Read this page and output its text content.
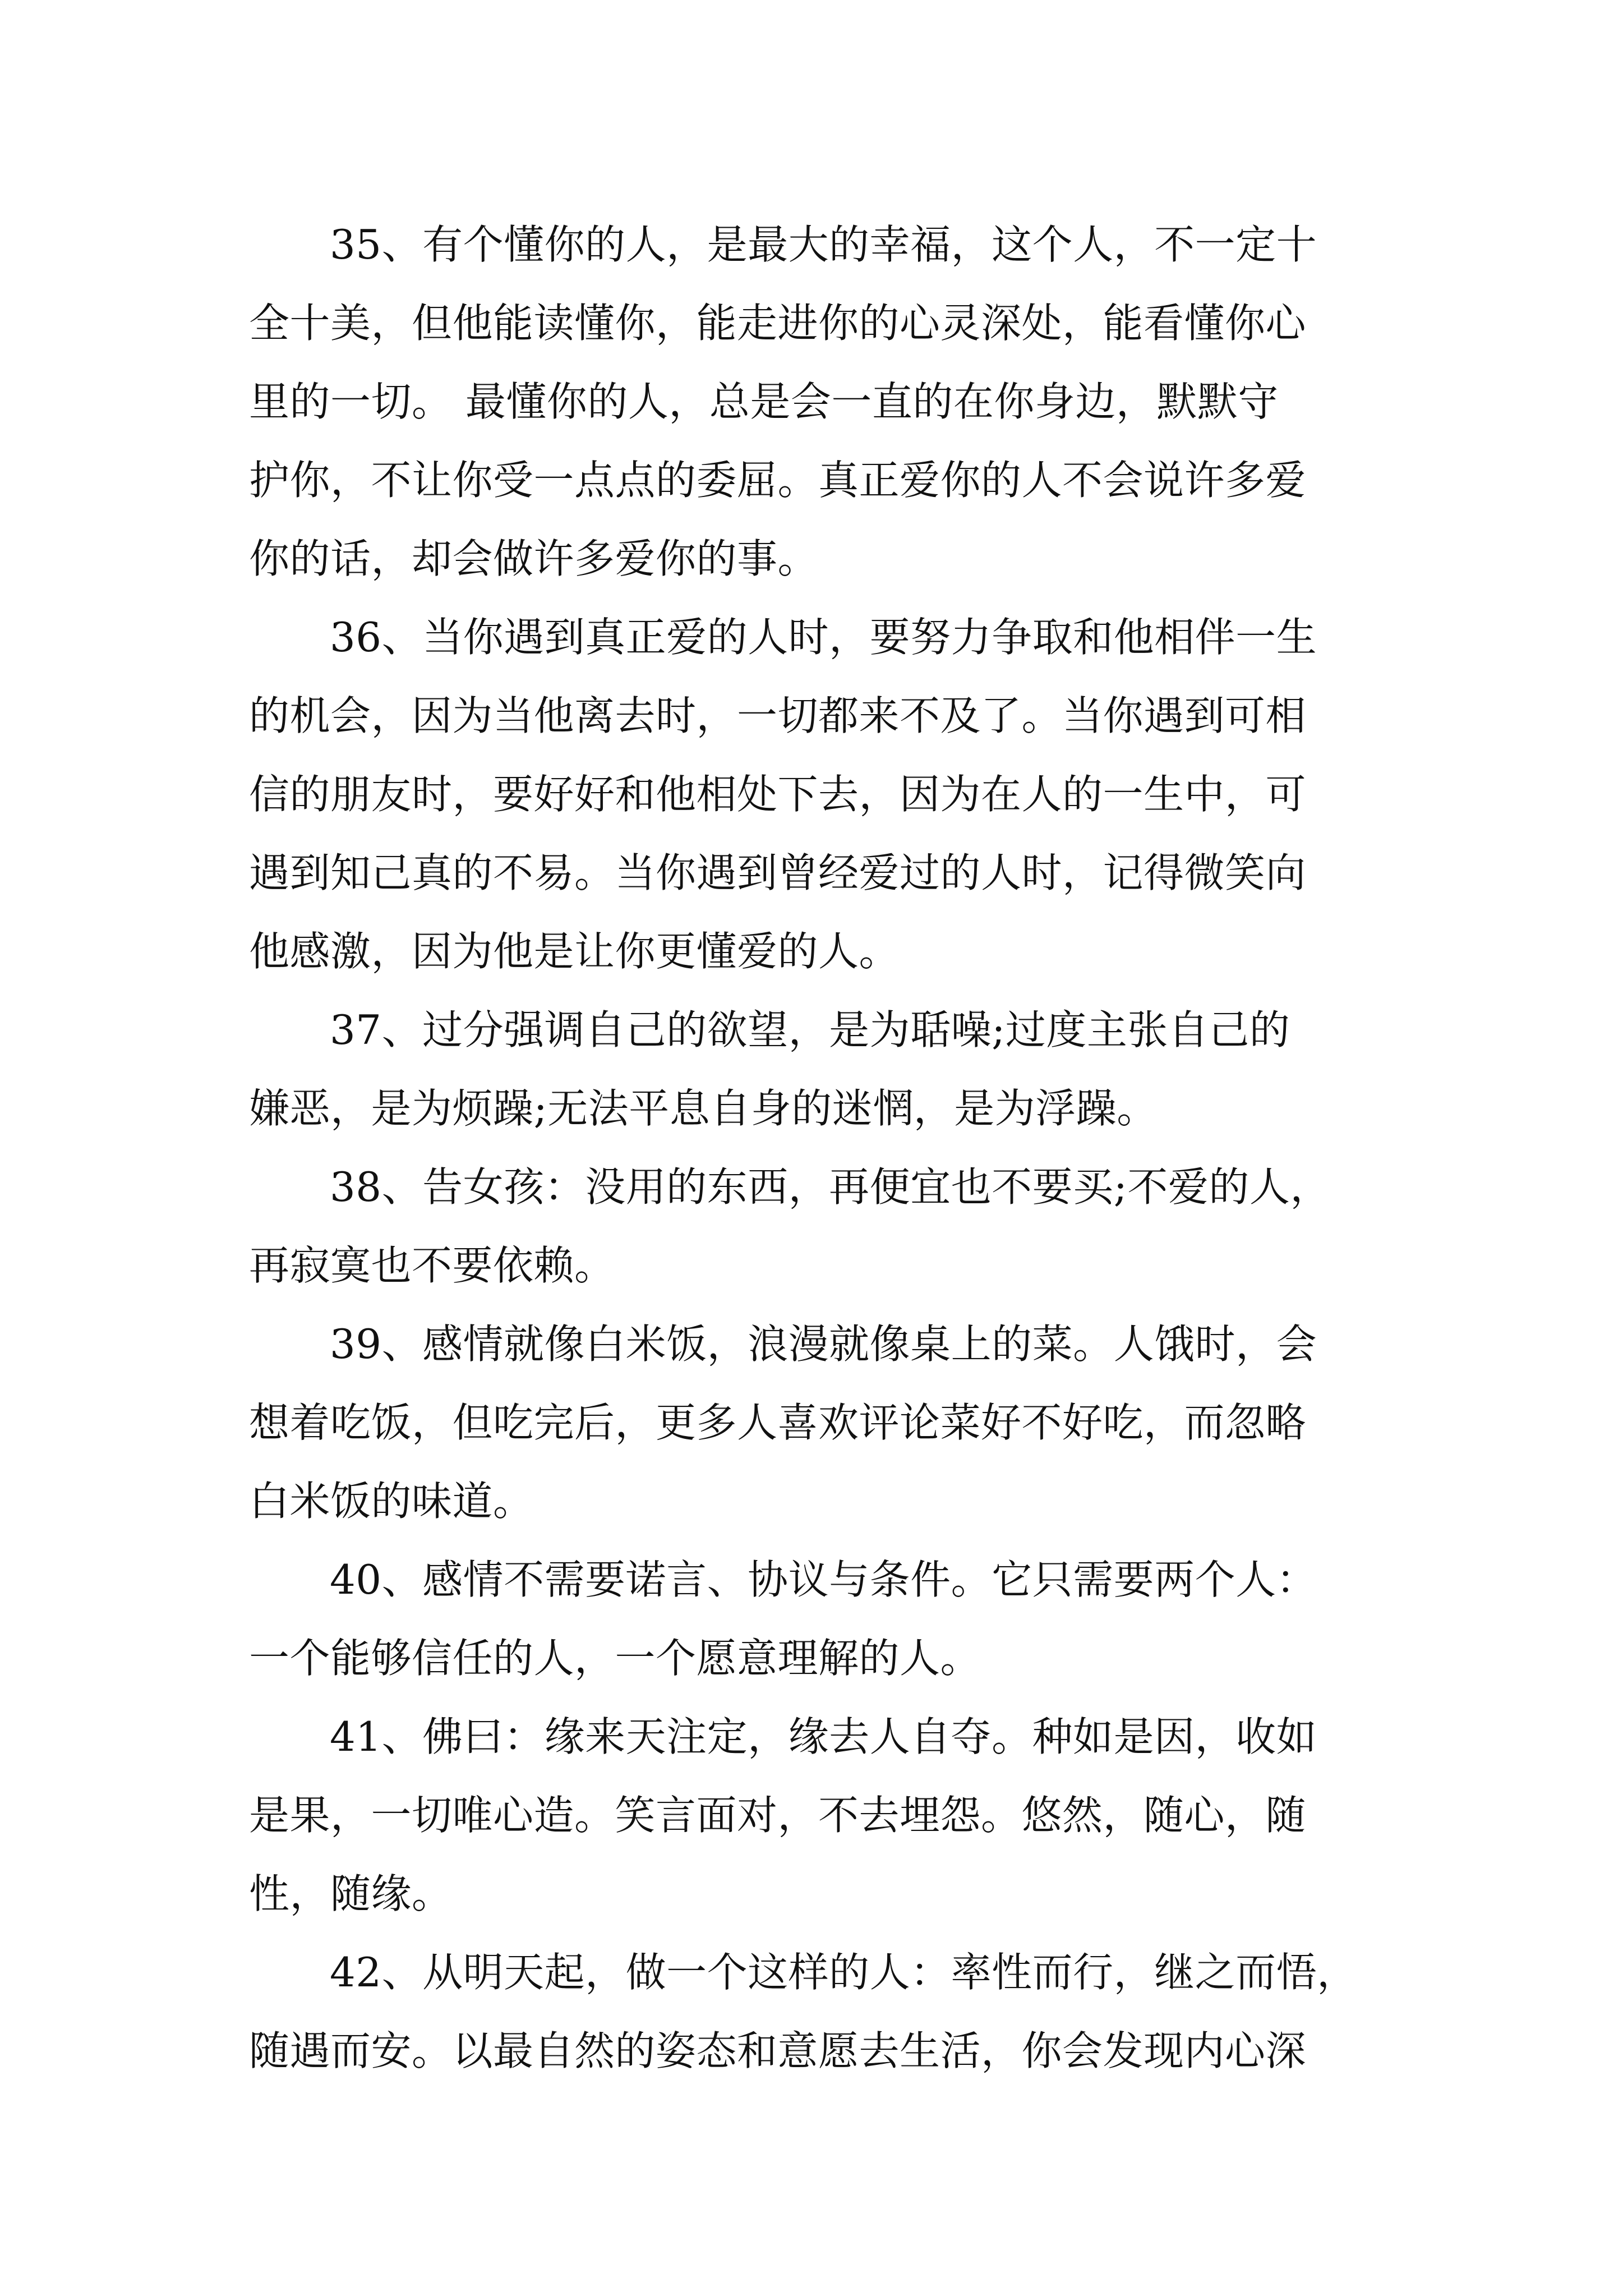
35、有个懂你的人，是最大的幸福，这个人，不一定十
全十美，但他能读懂你，能走进你的心灵深处，能看懂你心
里的一切。 最懂你的人，总是会一直的在你身边，默默守
护你，不让你受一点点的委屈。真正爱你的人不会说许多爱
你的话，却会做许多爱你的事。
36、当你遇到真正爱的人时，要努力争取和他相伴一生
的机会，因为当他离去时，一切都来不及了。当你遇到可相
信的朋友时，要好好和他相处下去，因为在人的一生中，可
遇到知己真的不易。当你遇到曾经爱过的人时，记得微笑向
他感激，因为他是让你更懂爱的人。
37、过分强调自己的欲望，是为聒噪;过度主张自己的
嫌恶，是为烦躁;无法平息自身的迷惘，是为浮躁。
38、告女孩：没用的东西，再便宜也不要买;不爱的人，
再寂寞也不要依赖。
39、感情就像白米饭，浪漫就像桌上的菜。人饿时，会
想着吃饭，但吃完后，更多人喜欢评论菜好不好吃，而忽略
白米饭的味道。
40、感情不需要诺言、协议与条件。它只需要两个人：
一个能够信任的人，一个愿意理解的人。
41、佛曰：缘来天注定，缘去人自夺。种如是因，收如
是果，一切唯心造。笑言面对，不去埋怨。悠然，随心，随
性，随缘。
42、从明天起，做一个这样的人：率性而行，继之而悟，
随遇而安。以最自然的姿态和意愿去生活，你会发现内心深
